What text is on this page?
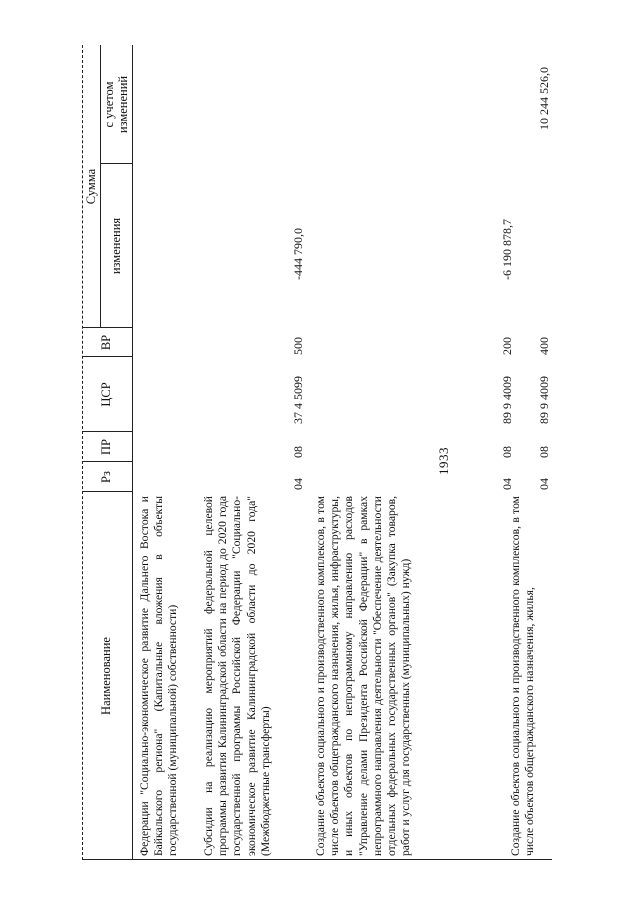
1933
Наименование
Рз
ПР
ЦСР
ВР
Сумма
изменения
с учетом изменений
Федерации "Социально-экономическое развитие Дальнего Востока и Байкальского региона" (Капитальные вложения в объекты государственной (муниципальной) собственности) Субсидии на реализацию мероприятий федеральной целевой программы развития Калининградской области на период до 2020 года государственной программы Российской Федерации "Социально-экономическое развитие Калининградской области до 2020 года" (Межбюджетные трансферты)
04
08
37 4 5099
500
-444 790,0
Создание объектов социального и производственного комплексов, в том числе объектов общегражданского назначения, жилья, инфраструктуры, и иных объектов по непрограммному направлению расходов "Управление делами Президента Российской Федерации" в рамках непрограммного направления деятельности "Обеспечение деятельности отдельных федеральных государственных органов" (Закупка товаров, работ и услуг для государственных (муниципальных) нужд)
04
08
89 9 4009
200
-6 190 878,7
Создание объектов социального и производственного комплексов, в том числе объектов общегражданского назначения, жилья,
04
08
89 9 4009
400
10 244 526,0
